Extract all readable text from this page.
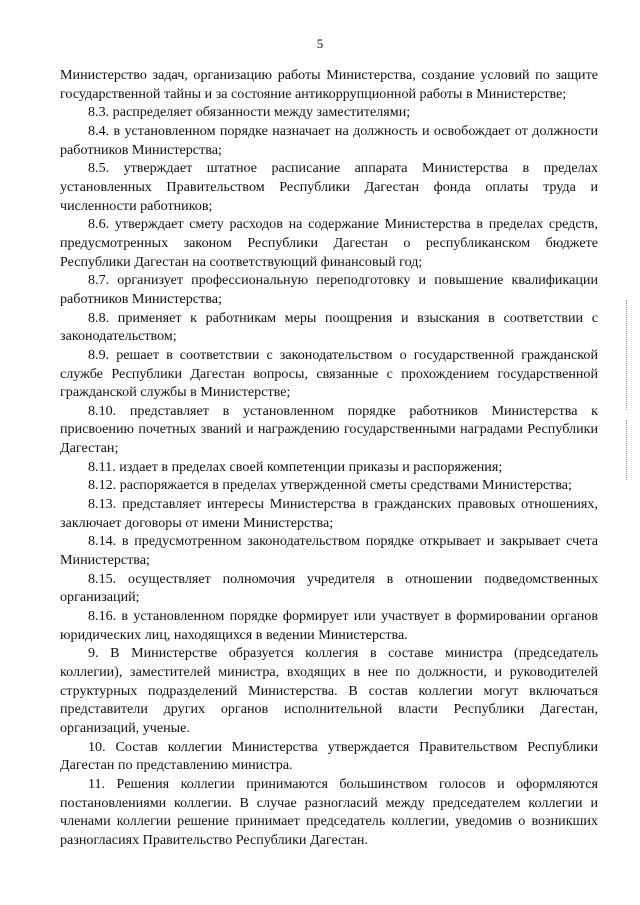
5

Министерство задач, организацию работы Министерства, создание условий по защите государственной тайны и за состояние антикоррупционной работы в Министерстве;

8.3. распределяет обязанности между заместителями;

8.4. в установленном порядке назначает на должность и освобождает от должности работников Министерства;

8.5. утверждает штатное расписание аппарата Министерства в пределах установленных Правительством Республики Дагестан фонда оплаты труда и численности работников;

8.6. утверждает смету расходов на содержание Министерства в пределах средств, предусмотренных законом Республики Дагестан о республиканском бюджете Республики Дагестан на соответствующий финансовый год;

8.7. организует профессиональную переподготовку и повышение квалификации работников Министерства;

8.8. применяет к работникам меры поощрения и взыскания в соответствии с законодательством;

8.9. решает в соответствии с законодательством о государственной гражданской службе Республики Дагестан вопросы, связанные с прохождением государственной гражданской службы в Министерстве;

8.10. представляет в установленном порядке работников Министерства к присвоению почетных званий и награждению государственными наградами Республики Дагестан;

8.11. издает в пределах своей компетенции приказы и распоряжения;

8.12. распоряжается в пределах утвержденной сметы средствами Министерства;

8.13. представляет интересы Министерства в гражданских правовых отношениях, заключает договоры от имени Министерства;

8.14. в предусмотренном законодательством порядке открывает и закрывает счета Министерства;

8.15. осуществляет полномочия учредителя в отношении подведомственных организаций;

8.16. в установленном порядке формирует или участвует в формировании органов юридических лиц, находящихся в ведении Министерства.

9. В Министерстве образуется коллегия в составе министра (председатель коллегии), заместителей министра, входящих в нее по должности, и руководителей структурных подразделений Министерства. В состав коллегии могут включаться представители других органов исполнительной власти Республики Дагестан, организаций, ученые.

10. Состав коллегии Министерства утверждается Правительством Республики Дагестан по представлению министра.

11. Решения коллегии принимаются большинством голосов и оформляются постановлениями коллегии. В случае разногласий между председателем коллегии и членами коллегии решение принимает председатель коллегии, уведомив о возникших разногласиях Правительство Республики Дагестан.
